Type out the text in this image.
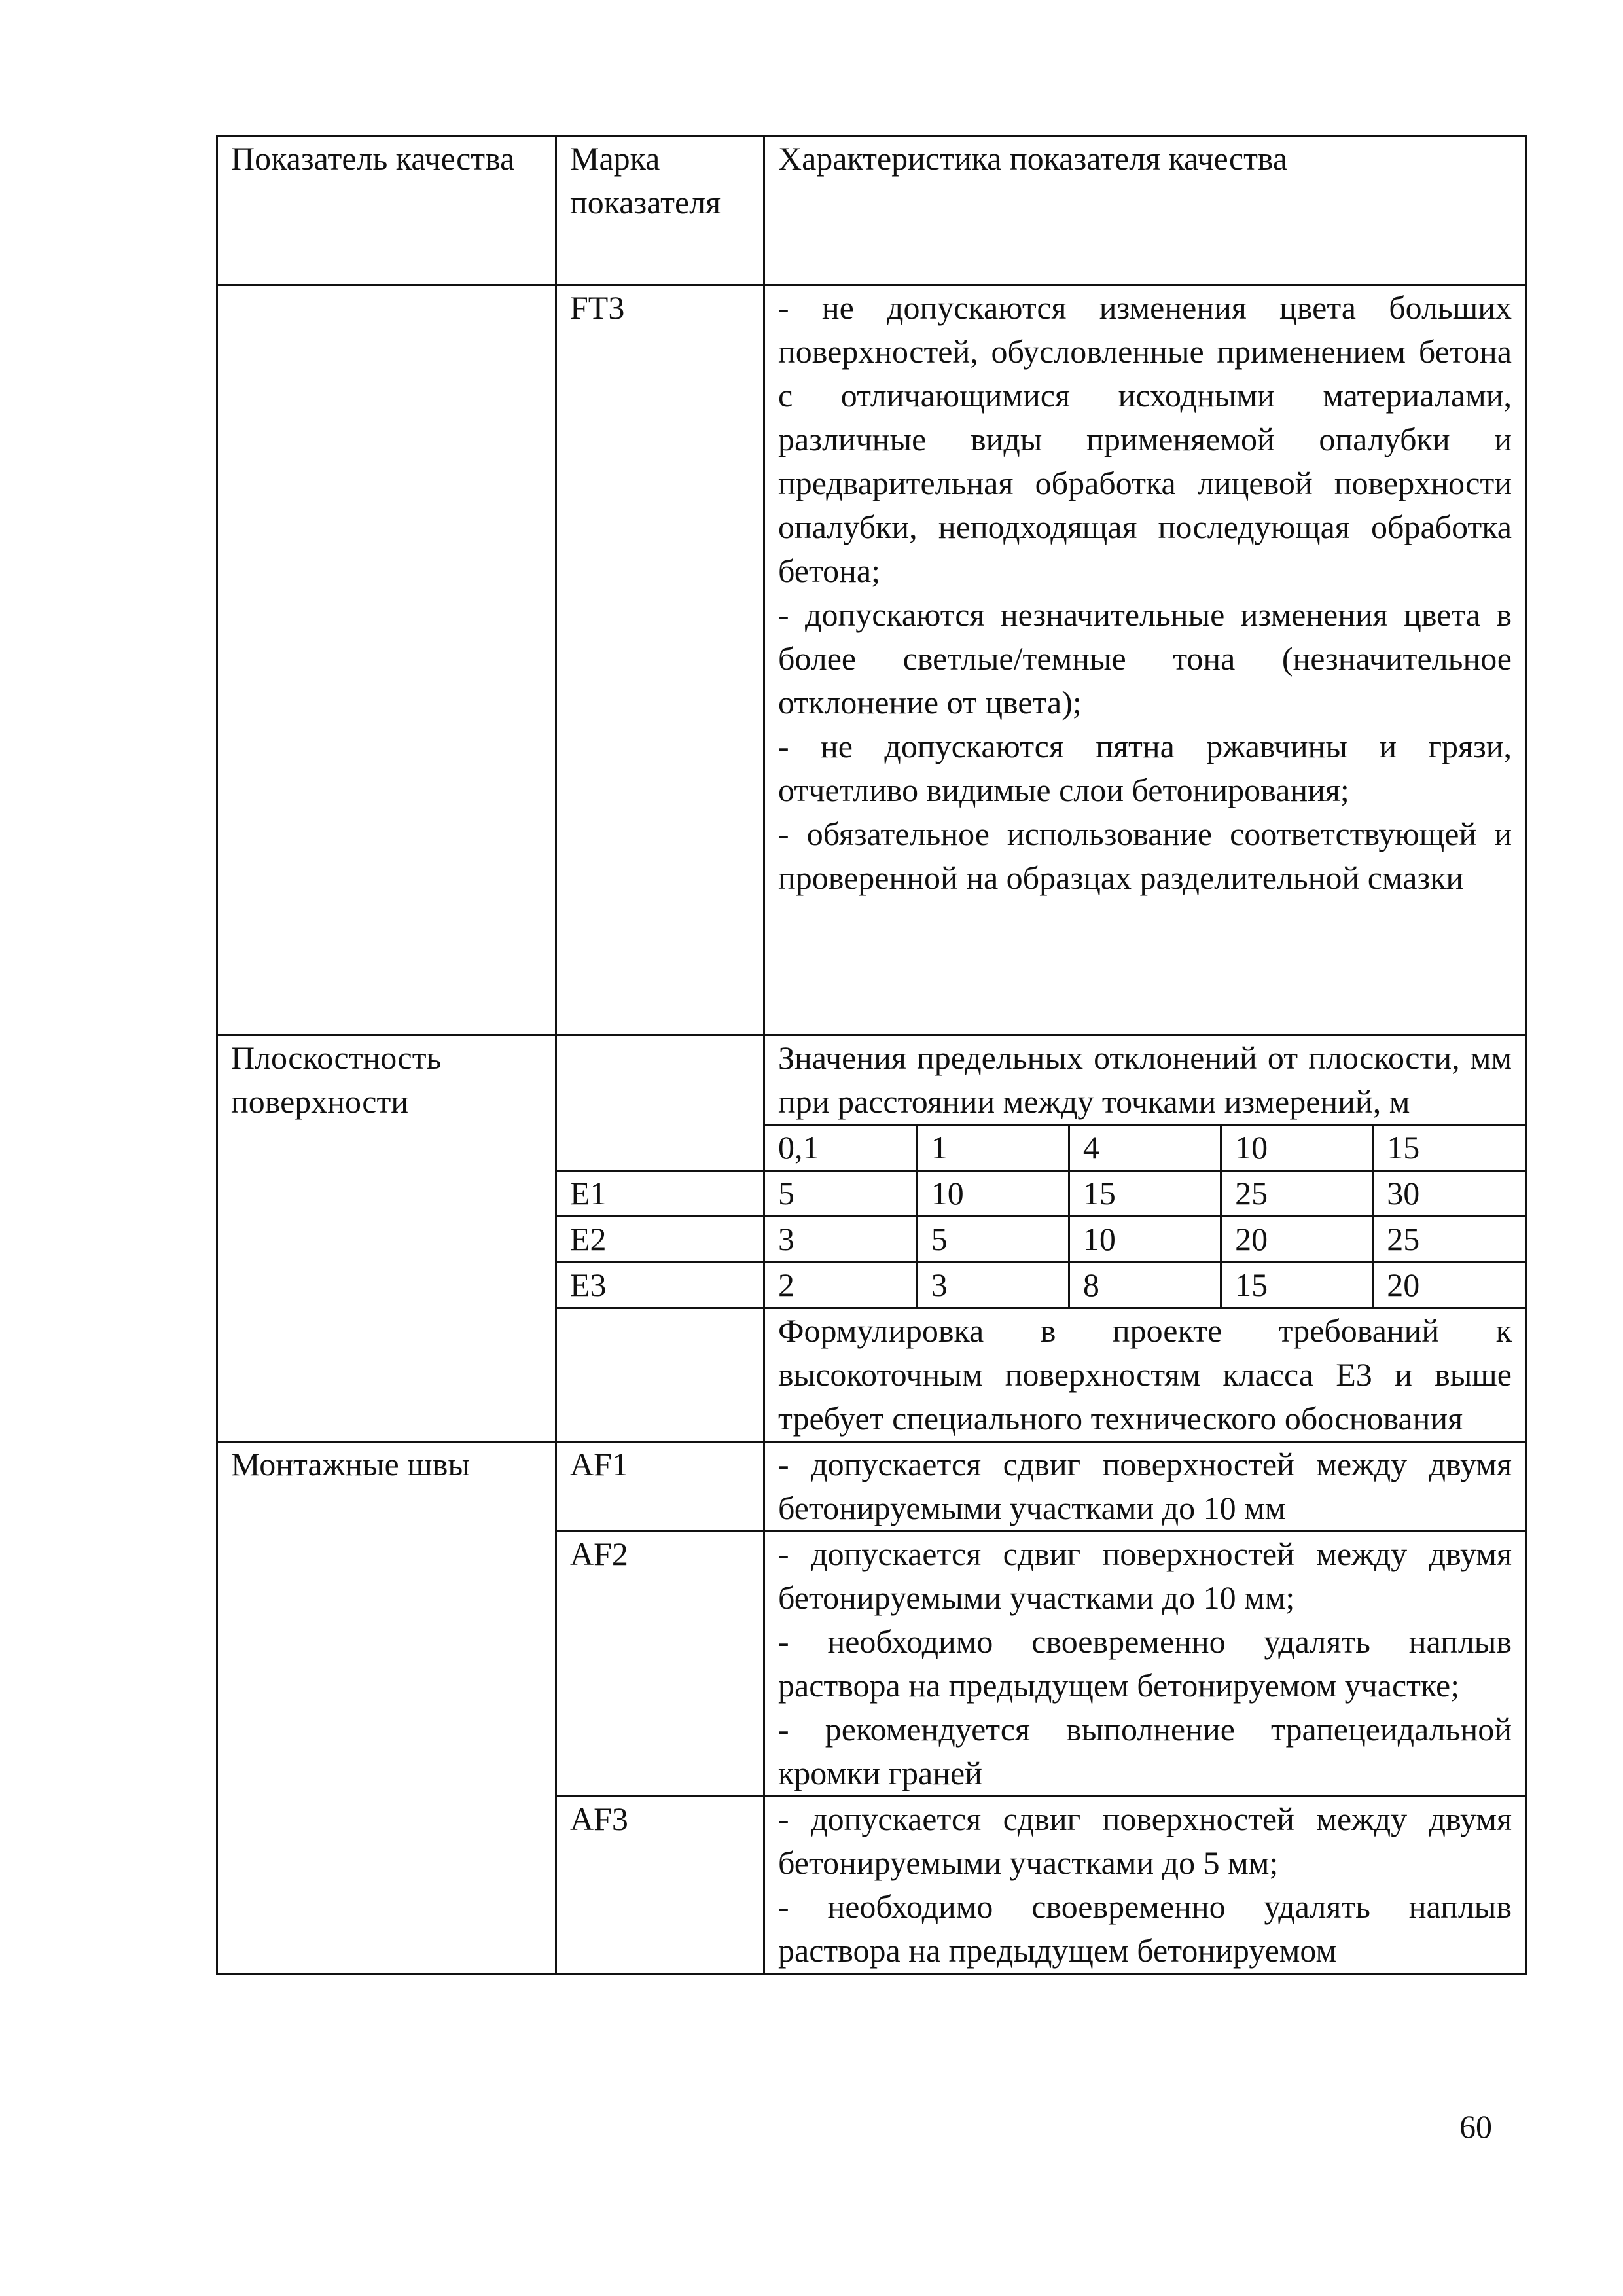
Показатель качества	Марка показателя	Характеристика показателя качества
	FT3	- не допускаются изменения цвета больших поверхностей, обусловленные применением бетона с отличающимися исходными материалами, различные виды применяемой опалубки и предварительная обработка лицевой поверхности опалубки, неподходящая последующая обработка бетона;
- допускаются незначительные изменения цвета в более светлые/темные тона (незначительное отклонение от цвета);
- не допускаются пятна ржавчины и грязи, отчетливо видимые слои бетонирования;
- обязательное использование соответствующей и проверенной на образцах разделительной смазки

Плоскостность поверхности		Значения предельных отклонений от плоскости, мм при расстоянии между точками измерений, м

0,1	1	4	10	15

E1		5	10	15	25	30

E2		3	5	10	20	25

E3		2	3	8	15	20

	Формулировка в проекте требований к высокоточным поверхностям класса Е3 и выше требует специального технического обоснования
Монтажные швы	AF1	- допускается сдвиг поверхностей между двумя бетонируемыми участками до 10 мм

AF2	- допускается сдвиг поверхностей между двумя бетонируемыми участками до 10 мм;
- необходимо своевременно удалять наплыв раствора на предыдущем бетонируемом участке;
- рекомендуется выполнение трапецеидальной кромки граней

AF3	- допускается сдвиг поверхностей между двумя бетонируемыми участками до 5 мм;
- необходимо своевременно удалять наплыв раствора на предыдущем бетонируемом
60
